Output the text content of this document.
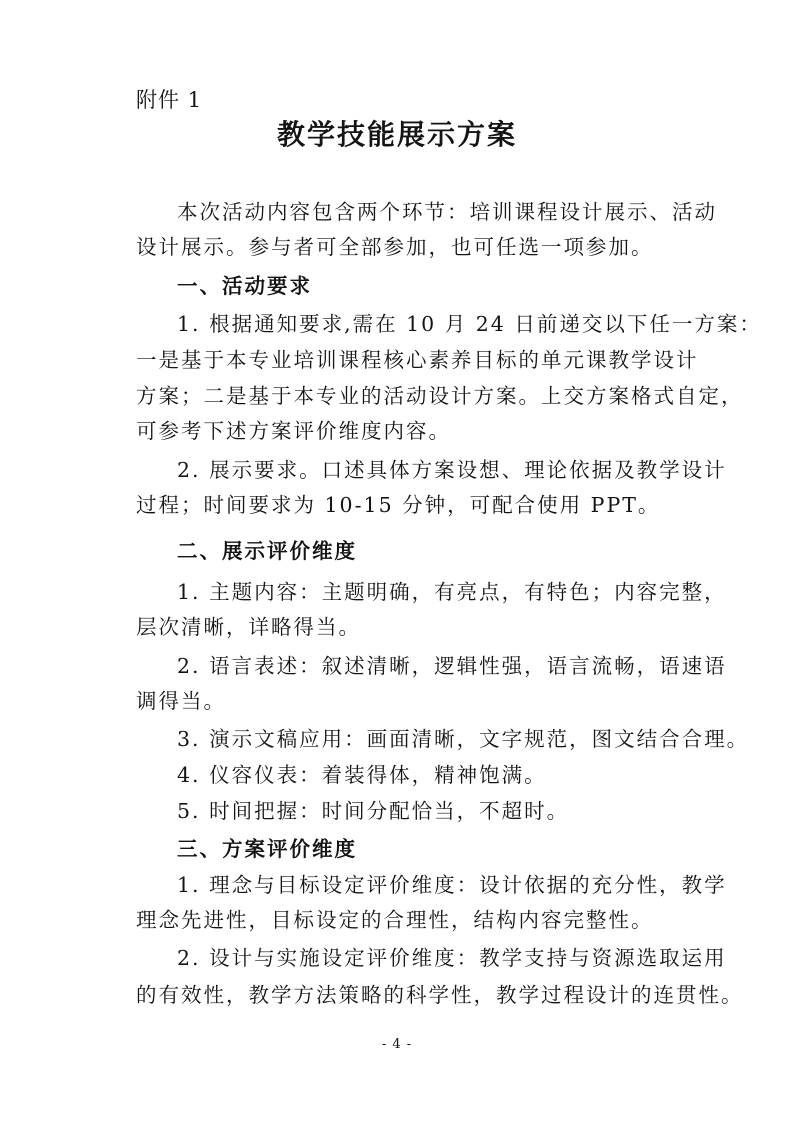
附件 1
教学技能展示方案
本次活动内容包含两个环节：培训课程设计展示、活动
设计展示。参与者可全部参加，也可任选一项参加。
一、活动要求
1. 根据通知要求,需在 10 月 24 日前递交以下任一方案：
一是基于本专业培训课程核心素养目标的单元课教学设计
方案；二是基于本专业的活动设计方案。上交方案格式自定，
可参考下述方案评价维度内容。
2. 展示要求。口述具体方案设想、理论依据及教学设计
过程；时间要求为 10-15 分钟，可配合使用 PPT。
二、展示评价维度
1. 主题内容：主题明确，有亮点，有特色；内容完整，
层次清晰，详略得当。
2. 语言表述：叙述清晰，逻辑性强，语言流畅，语速语
调得当。
3. 演示文稿应用：画面清晰，文字规范，图文结合合理。
4. 仪容仪表：着装得体，精神饱满。
5. 时间把握：时间分配恰当，不超时。
三、方案评价维度
1. 理念与目标设定评价维度：设计依据的充分性，教学
理念先进性，目标设定的合理性，结构内容完整性。
2. 设计与实施设定评价维度：教学支持与资源选取运用
的有效性，教学方法策略的科学性，教学过程设计的连贯性。
- 4 -
